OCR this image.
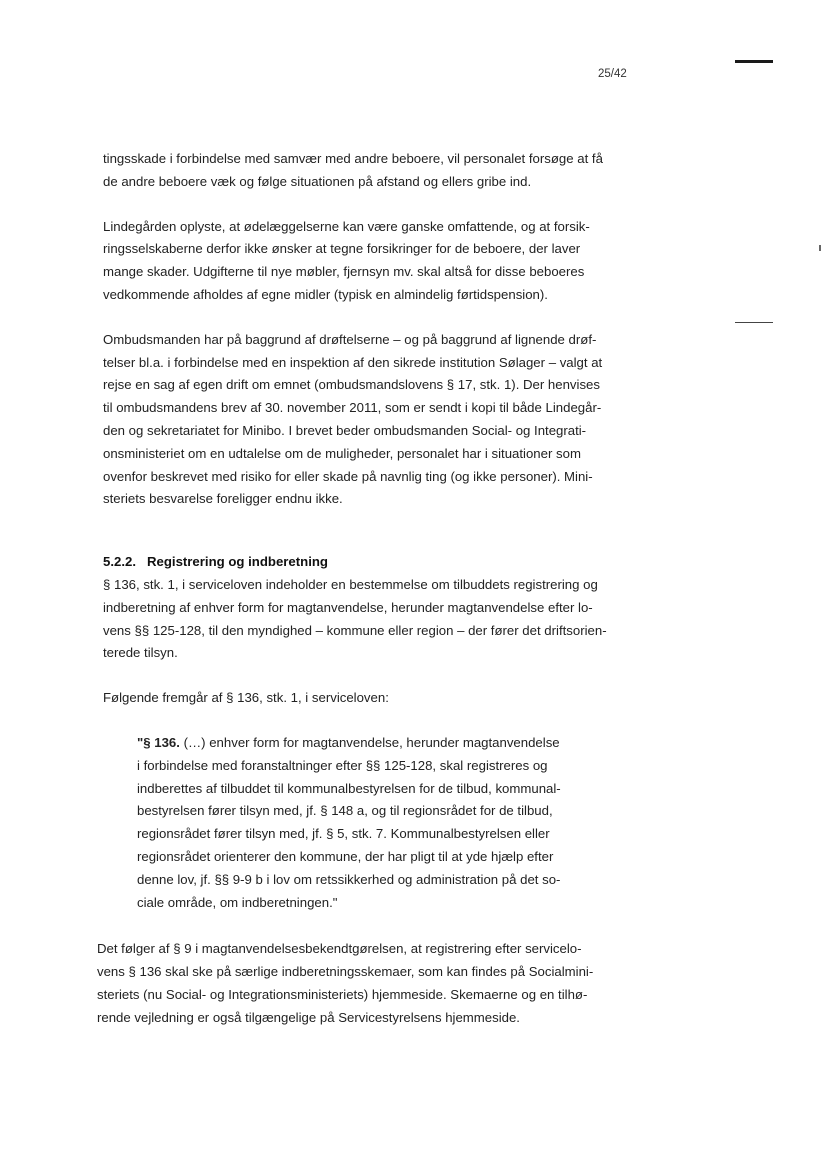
25/42

tingsskade i forbindelse med samvær med andre beboere, vil personalet forsøge at få
de andre beboere væk og følge situationen på afstand og ellers gribe ind.

Lindegården oplyste, at ødelæggelserne kan være ganske omfattende, og at forsik-
ringsselskaberne derfor ikke ønsker at tegne forsikringer for de beboere, der laver
mange skader. Udgifterne til nye møbler, fjernsyn mv. skal altså for disse beboeres
vedkommende afholdes af egne midler (typisk en almindelig førtidspension).

Ombudsmanden har på baggrund af drøftelserne – og på baggrund af lignende drøf-
telser bl.a. i forbindelse med en inspektion af den sikrede institution Sølager – valgt at
rejse en sag af egen drift om emnet (ombudsmandslovens § 17, stk. 1). Der henvises
til ombudsmandens brev af 30. november 2011, som er sendt i kopi til både Lindegår-
den og sekretariatet for Minibo. I brevet beder ombudsmanden Social- og Integrati-
onsministeriet om en udtalelse om de muligheder, personalet har i situationer som
ovenfor beskrevet med risiko for eller skade på navnlig ting (og ikke personer). Mini-
steriets besvarelse foreligger endnu ikke.

5.2.2. Registrering og indberetning

§ 136, stk. 1, i serviceloven indeholder en bestemmelse om tilbuddets registrering og
indberetning af enhver form for magtanvendelse, herunder magtanvendelse efter lo-
vens §§ 125-128, til den myndighed – kommune eller region – der fører det driftsorien-
terede tilsyn.

Følgende fremgår af § 136, stk. 1, i serviceloven:

"§ 136. (…) enhver form for magtanvendelse, herunder magtanvendelse
i forbindelse med foranstaltninger efter §§ 125-128, skal registreres og
indberettes af tilbuddet til kommunalbestyrelsen for de tilbud, kommunal-
bestyrelsen fører tilsyn med, jf. § 148 a, og til regionsrådet for de tilbud,
regionsrådet fører tilsyn med, jf. § 5, stk. 7. Kommunalbestyrelsen eller
regionsrådet orienterer den kommune, der har pligt til at yde hjælp efter
denne lov, jf. §§ 9-9 b i lov om retssikkerhed og administration på det so-
ciale område, om indberetningen."

Det følger af § 9 i magtanvendelsesbekendtgørelsen, at registrering efter servicelo-
vens § 136 skal ske på særlige indberetningsskemaer, som kan findes på Socialmini-
steriets (nu Social- og Integrationsministeriets) hjemmeside. Skemaerne og en tilhø-
rende vejledning er også tilgængelige på Servicestyrelsens hjemmeside.
